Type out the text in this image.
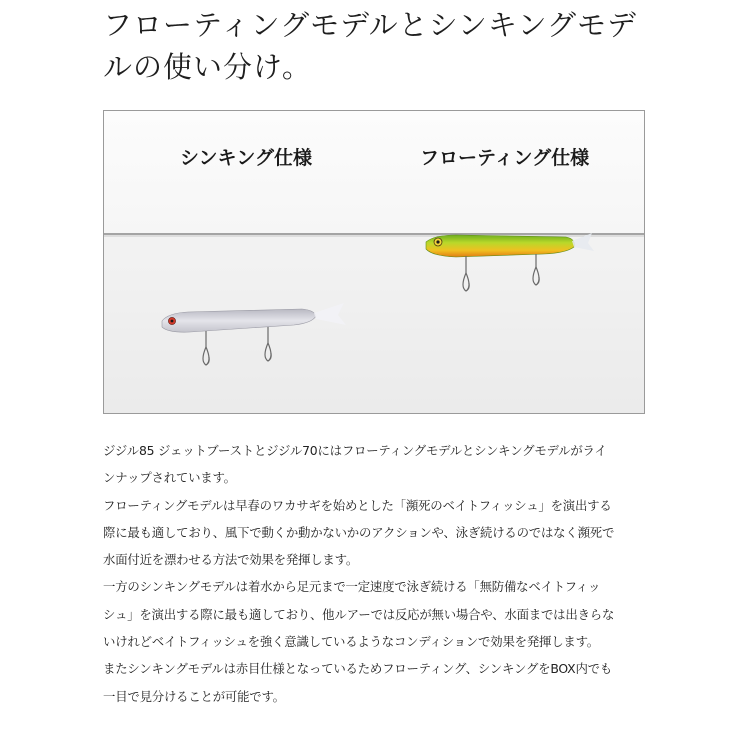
フローティングモデルとシンキングモデ
ルの使い分け。
シンキング仕様	フローティング仕様
ジジル85 ジェットブーストとジジル70にはフローティングモデルとシンキングモデルがライ
ンナップされています。
フローティングモデルは早春のワカサギを始めとした「瀕死のベイトフィッシュ」を演出する
際に最も適しており、風下で動くか動かないかのアクションや、泳ぎ続けるのではなく瀕死で
水面付近を漂わせる方法で効果を発揮します。
一方のシンキングモデルは着水から足元まで一定速度で泳ぎ続ける「無防備なベイトフィッ
シュ」を演出する際に最も適しており、他ルアーでは反応が無い場合や、水面までは出きらな
いけれどベイトフィッシュを強く意識しているようなコンディションで効果を発揮します。
またシンキングモデルは赤目仕様となっているためフローティング、シンキングをBOX内でも
一目で見分けることが可能です。
